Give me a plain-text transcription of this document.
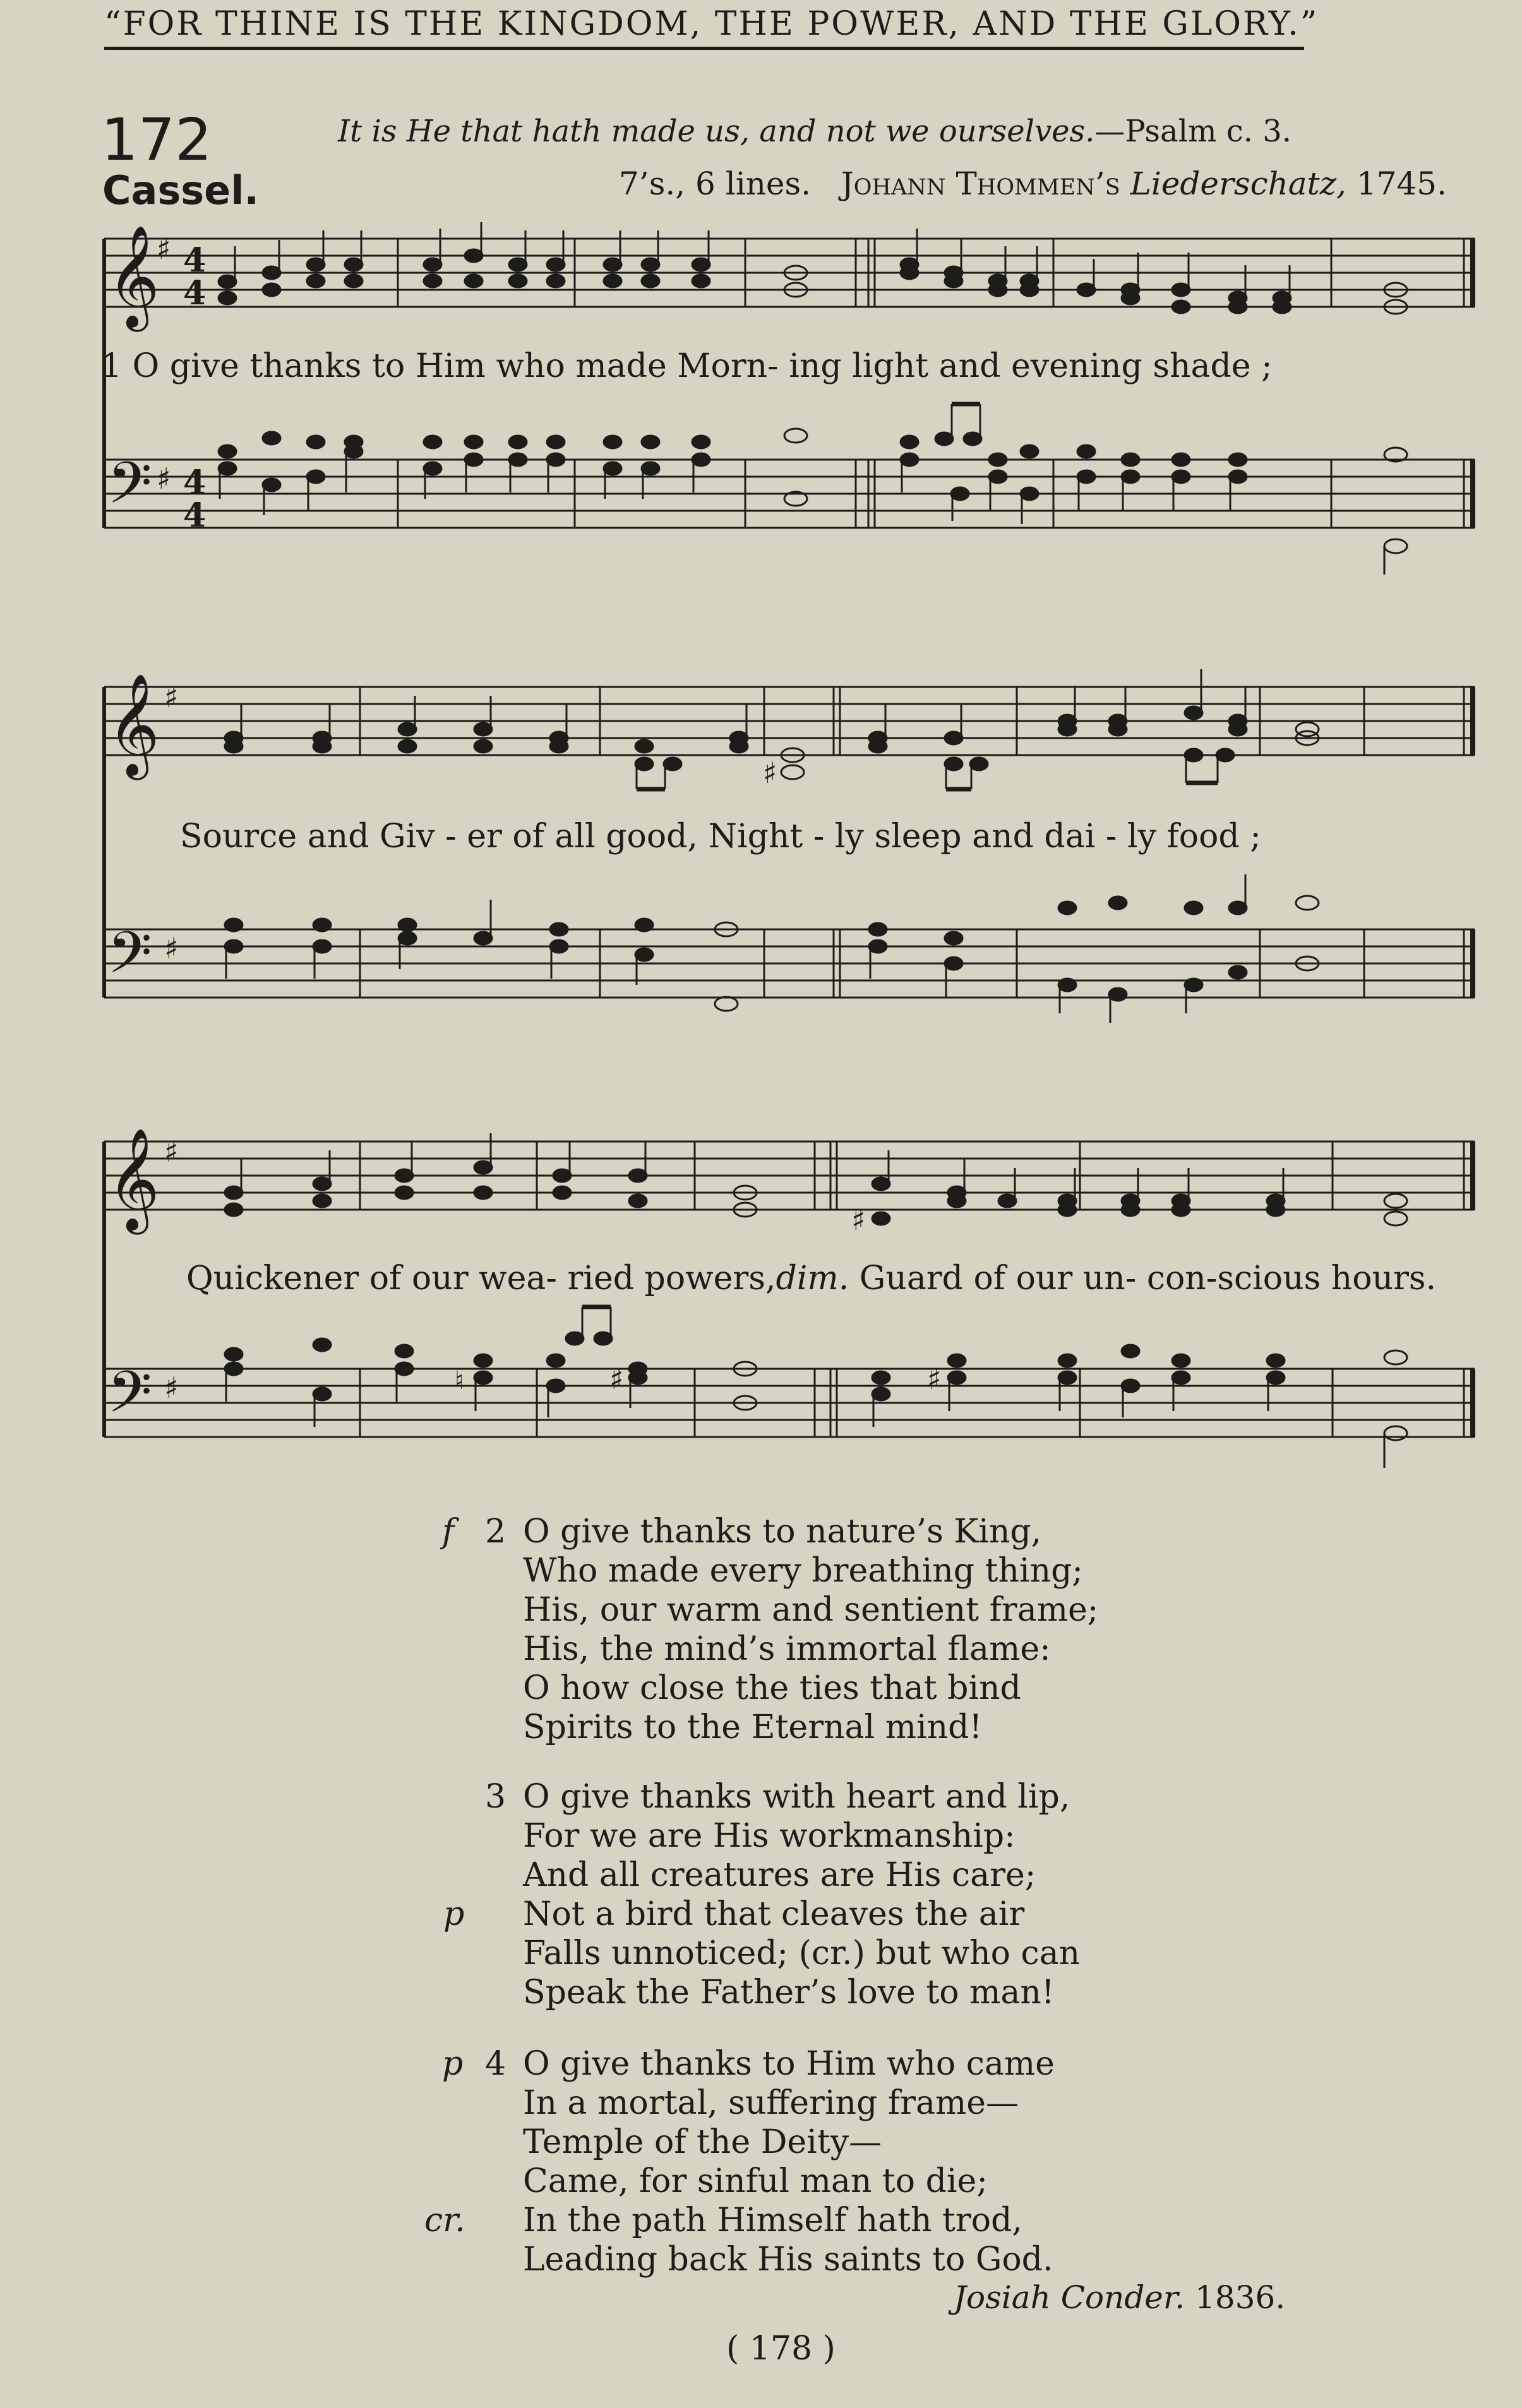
“FOR THINE IS THE KINGDOM, THE POWER, AND THE GLORY.”
172
Cassel.
It is He that hath made us, and not we ourselves.—Psalm c. 3.
7’s., 6 lines. Johann Thommen’s Liederschatz, 1745.
𝄞
♯ 4
4
𝄢 ♯ 4
4
1 O give thanks to Him who made Morn- ing light and evening shade ;
𝄞 ♯
𝄢 ♯
♯
Source and Giv - er of all good, Night - ly sleep and dai - ly food ;
𝄞 ♯
𝄢 ♯
♯
♮	♯	♯
Quickener of our wea- ried powers,dim. Guard of our un- con-scious hours.
f 2 O give thanks to nature’s King,
Who made every breathing thing;
His, our warm and sentient frame;
His, the mind’s immortal flame:
O how close the ties that bind
Spirits to the Eternal mind!
3
p
O give thanks with heart and lip,
For we are His workmanship:
And all creatures are His care;
Not a bird that cleaves the air
Falls unnoticed; (cr.) but who can
Speak the Father’s love to man!
p 4
cr.
O give thanks to Him who came
In a mortal, suffering frame—
Temple of the Deity—
Came, for sinful man to die;
In the path Himself hath trod,
Leading back His saints to God.
Josiah Conder. 1836.
( 178 )
